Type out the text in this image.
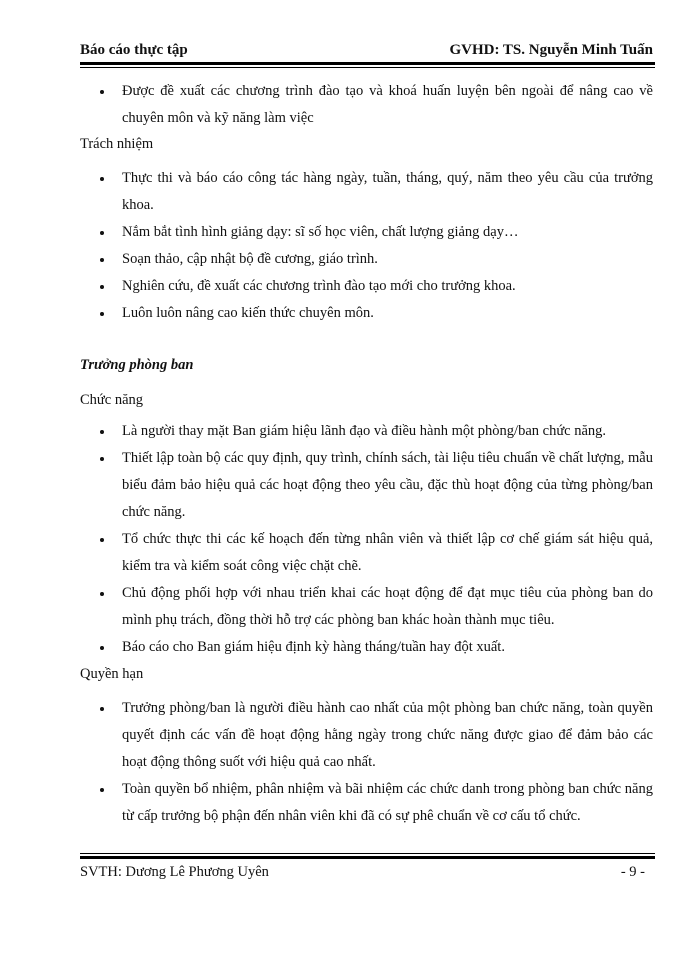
Báo cáo thực tập	GVHD: TS. Nguyễn Minh Tuấn
Được đề xuất các chương trình đào tạo và khoá huấn luyện bên ngoài để nâng cao về chuyên môn và kỹ năng làm việc
Trách nhiệm
Thực thi và báo cáo công tác hàng ngày, tuần, tháng, quý, năm theo yêu cầu của trưởng khoa.
Nắm bắt tình hình giảng dạy: sĩ số học viên, chất lượng giảng dạy…
Soạn thảo, cập nhật bộ đề cương, giáo trình.
Nghiên cứu, đề xuất các chương trình đào tạo mới cho trưởng khoa.
Luôn luôn nâng cao kiến thức chuyên môn.
Trưởng phòng ban
Chức năng
Là người thay mặt Ban giám hiệu lãnh đạo và điều hành một phòng/ban chức năng.
Thiết lập toàn bộ các quy định, quy trình, chính sách, tài liệu tiêu chuẩn về chất lượng, mẫu biểu đảm bảo hiệu quả các hoạt động theo yêu cầu, đặc thù hoạt động của từng phòng/ban chức năng.
Tổ chức thực thi các kế hoạch đến từng nhân viên và thiết lập cơ chế giám sát hiệu quả, kiểm tra và kiểm soát công việc chặt chẽ.
Chủ động phối hợp với nhau triển khai các hoạt động để đạt mục tiêu của phòng ban do mình phụ trách, đồng thời hỗ trợ các phòng ban khác hoàn thành mục tiêu.
Báo cáo cho Ban giám hiệu định kỳ hàng tháng/tuần hay đột xuất.
Quyền hạn
Trưởng phòng/ban là người điều hành cao nhất của một phòng ban chức năng, toàn quyền quyết định các vấn đề hoạt động hằng ngày trong chức năng được giao để đảm bảo các hoạt động thông suốt với hiệu quả cao nhất.
Toàn quyền bổ nhiệm, phân nhiệm và bãi nhiệm các chức danh trong phòng ban chức năng từ cấp trưởng bộ phận đến nhân viên khi đã có sự phê chuẩn về cơ cấu tổ chức.
SVTH: Dương Lê Phương Uyên	- 9 -
